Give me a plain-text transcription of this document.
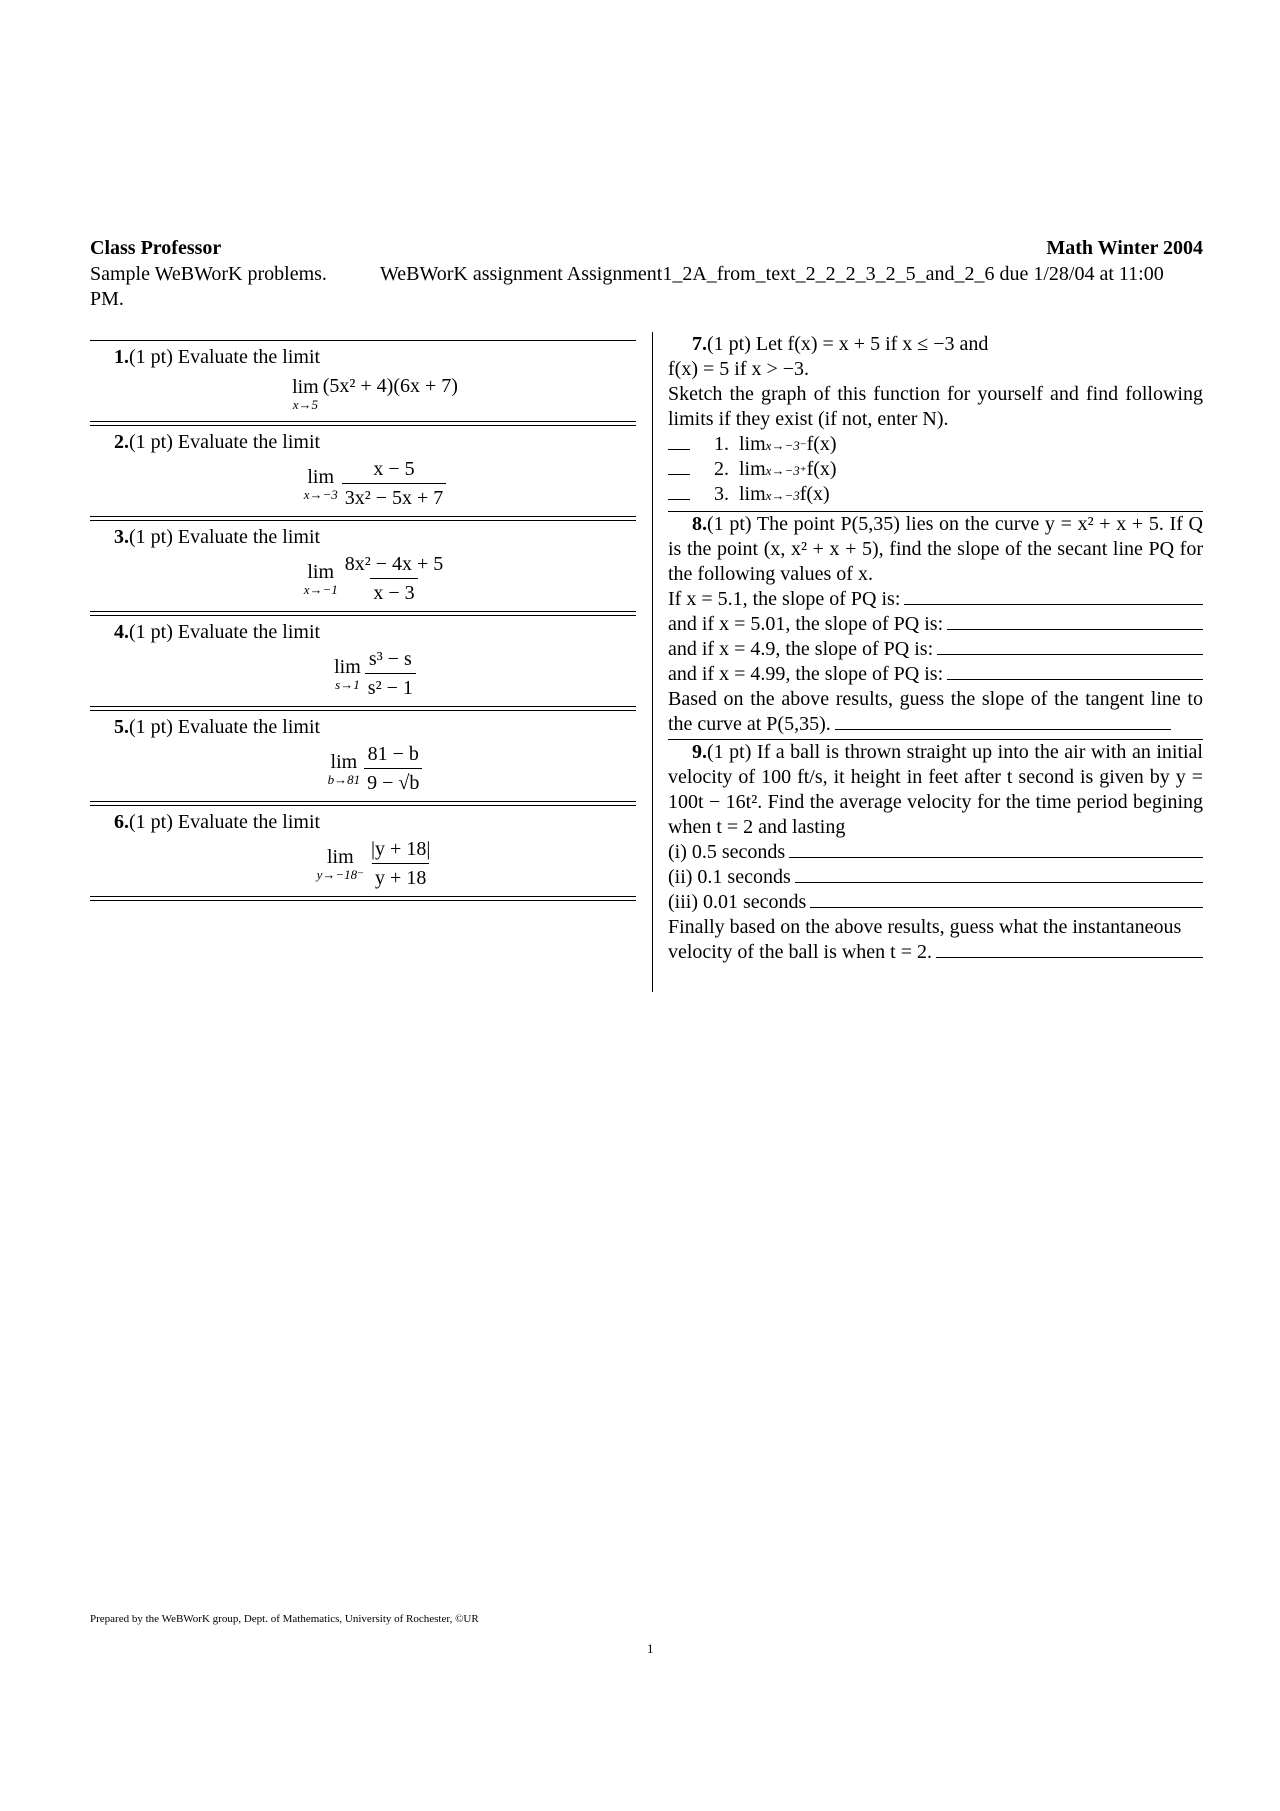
Class Professor	Math Winter 2004
Sample WeBWorK problems.	WeBWorK assignment Assignment1_2A_from_text_2_2_2_3_2_5_and_2_6 due 1/28/04 at 11:00
PM.
1.(1 pt) Evaluate the limit
lim
x→5
(5x² + 4)(6x + 7)
2.(1 pt) Evaluate the limit
lim
$x\to-3 \frac{x - 5}{\text{3x² − 5x + 7}}$
3.(1 pt) Evaluate the limit
lim
$x\to-1 \frac{\text{8x² − 4x + 5}}{x - 3}$
4.(1 pt) Evaluate the limit
lim
$s\to 1 \frac{\text{s³ − s}}{\text{s² − 1}}$
5.(1 pt) Evaluate the limit
lim
$b\to 81 \frac{81 - b}{9 - √b}$
6.(1 pt) Evaluate the limit
lim
$y\to-18^- \frac{|y + 18|}{y + 18}$
7.(1 pt) Let f(x) = x + 5 if x ≤ −3 and
f(x) = 5 if x > −3.
Sketch the graph of this function for yourself and find following limits if they exist (if not, enter N).
1.
lim x→−3⁻ f(x)
2.
lim x→−3⁺ f(x)
3.
lim x→−3 f(x)
8.(1 pt) The point P(5,35) lies on the curve y = x² + x + 5. If Q is the point (x, x² + x + 5), find the slope of the secant line PQ for the following values of x.
If x = 5.1, the slope of PQ is:
and if x = 5.01, the slope of PQ is:
and if x = 4.9, the slope of PQ is:
and if x = 4.99, the slope of PQ is:
Based on the above results, guess the slope of the tangent line to the curve at P(5,35).
9.(1 pt) If a ball is thrown straight up into the air with an initial velocity of 100 ft/s, it height in feet after t second is given by y = 100t − 16t². Find the average velocity for the time period begining when t = 2 and lasting
(i) 0.5 seconds
(ii) 0.1 seconds
(iii) 0.01 seconds
Finally based on the above results, guess what the instantaneous
velocity of the ball is when t = 2.
Prepared by the WeBWorK group, Dept. of Mathematics, University of Rochester, ©UR
1
